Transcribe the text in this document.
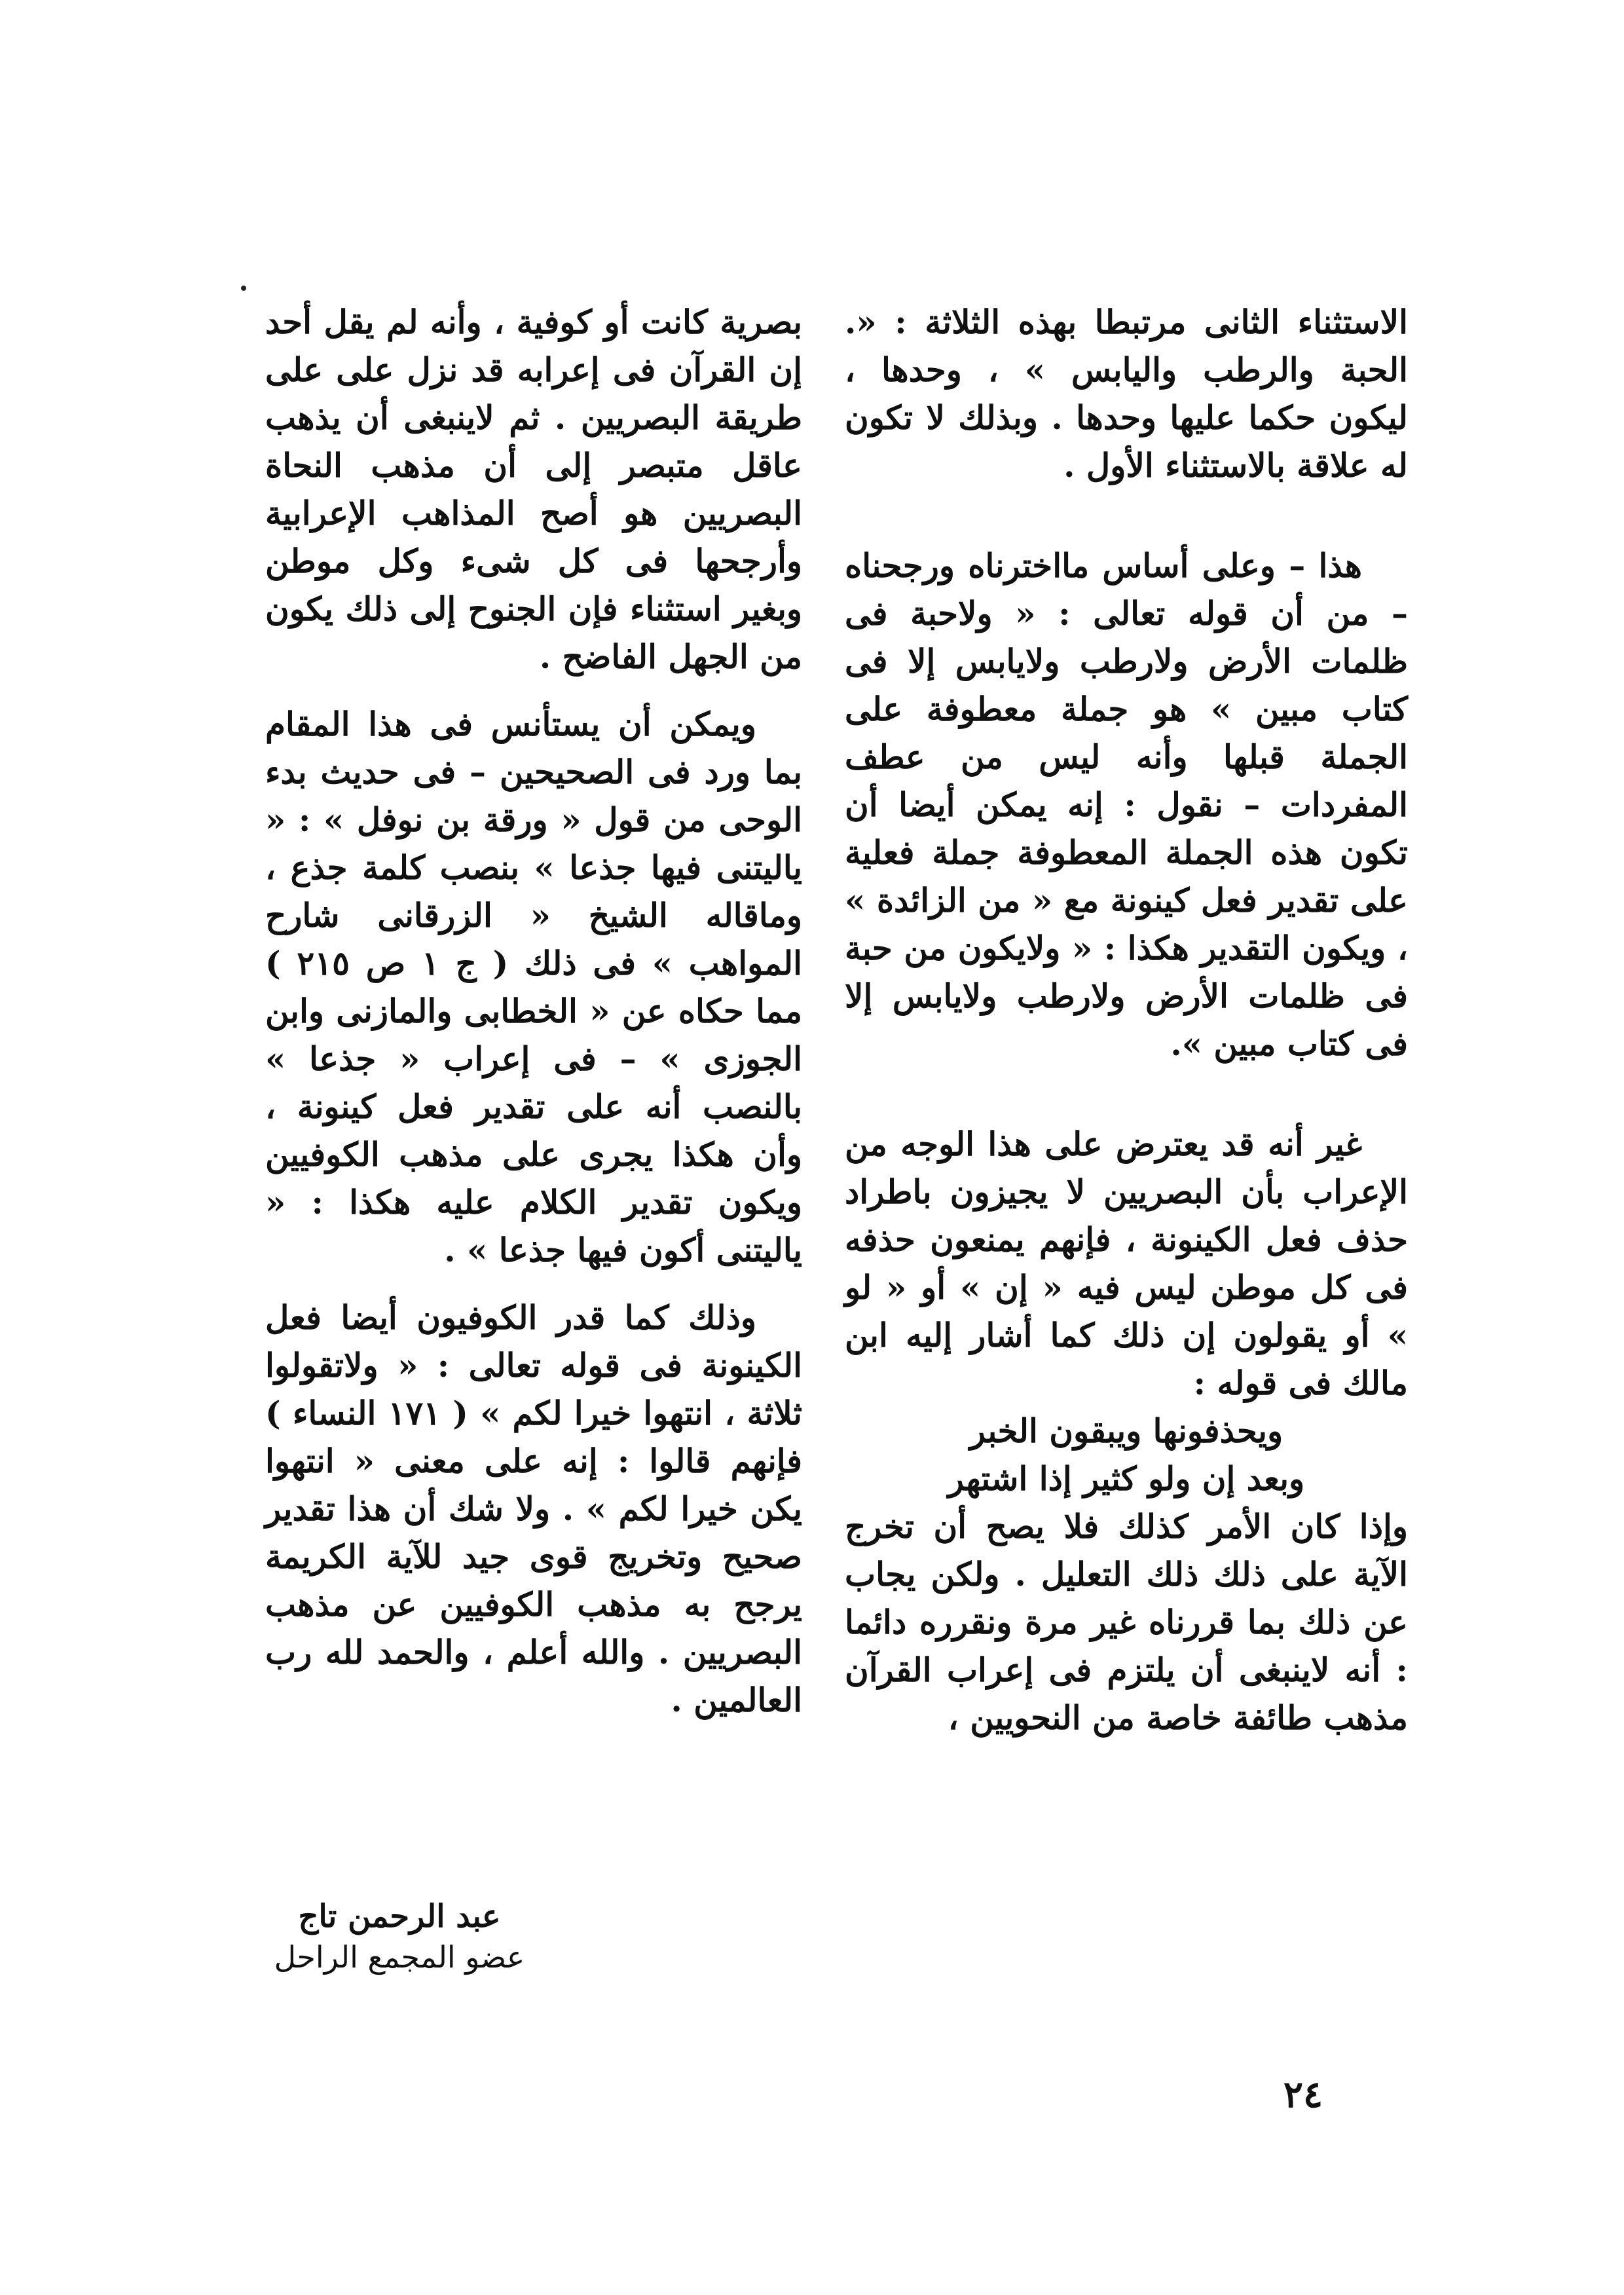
الاستثناء الثانى مرتبطا بهذه الثلاثة : «. الحبة والرطب واليابس » ، وحدها ، ليكون حكما عليها وحدها . وبذلك لا تكون له علاقة بالاستثناء الأول .

هذا – وعلى أساس مااخترناه ورجحناه – من أن قوله تعالى : « ولاحبة فى ظلمات الأرض ولارطب ولايابس إلا فى كتاب مبين » هو جملة معطوفة على الجملة قبلها وأنه ليس من عطف المفردات – نقول : إنه يمكن أيضا أن تكون هذه الجملة المعطوفة جملة فعلية على تقدير فعل كينونة مع « من الزائدة » ، ويكون التقدير هكذا : « ولايكون من حبة فى ظلمات الأرض ولارطب ولايابس إلا فى كتاب مبين ».

غير أنه قد يعترض على هذا الوجه من الإعراب بأن البصريين لا يجيزون باطراد حذف فعل الكينونة ، فإنهم يمنعون حذفه فى كل موطن ليس فيه « إن » أو « لو » أو يقولون إن ذلك كما أشار إليه ابن مالك فى قوله :

ويحذفونها ويبقون الخبر

وبعد إن ولو كثير إذا اشتهر

وإذا كان الأمر كذلك فلا يصح أن تخرج الآية على ذلك ذلك التعليل . ولكن يجاب عن ذلك بما قررناه غير مرة ونقرره دائما : أنه لاينبغى أن يلتزم فى إعراب القرآن مذهب طائفة خاصة من النحويين ،

بصرية كانت أو كوفية ، وأنه لم يقل أحد إن القرآن فى إعرابه قد نزل على على طريقة البصريين . ثم لاينبغى أن يذهب عاقل متبصر إلى أن مذهب النحاة البصريين هو أصح المذاهب الإعرابية وأرجحها فى كل شىء وكل موطن وبغير استثناء فإن الجنوح إلى ذلك يكون من الجهل الفاضح .

ويمكن أن يستأنس فى هذا المقام بما ورد فى الصحيحين – فى حديث بدء الوحى من قول « ورقة بن نوفل » : « ياليتنى فيها جذعا » بنصب كلمة جذع ، وماقاله الشيخ « الزرقانى شارح المواهب » فى ذلك ( ج ١ ص ٢١٥ ) مما حكاه عن « الخطابى والمازنى وابن الجوزى » – فى إعراب « جذعا » بالنصب أنه على تقدير فعل كينونة ، وأن هكذا يجرى على مذهب الكوفيين ويكون تقدير الكلام عليه هكذا : « ياليتنى أكون فيها جذعا » .

وذلك كما قدر الكوفيون أيضا فعل الكينونة فى قوله تعالى : « ولاتقولوا ثلاثة ، انتهوا خيرا لكم » ( ١٧١ النساء ) فإنهم قالوا : إنه على معنى « انتهوا يكن خيرا لكم » . ولا شك أن هذا تقدير صحيح وتخريج قوى جيد للآية الكريمة يرجح به مذهب الكوفيين عن مذهب البصريين . والله أعلم ، والحمد لله رب العالمين .

عبد الرحمن تاج
عضو المجمع الراحل
٢٤
